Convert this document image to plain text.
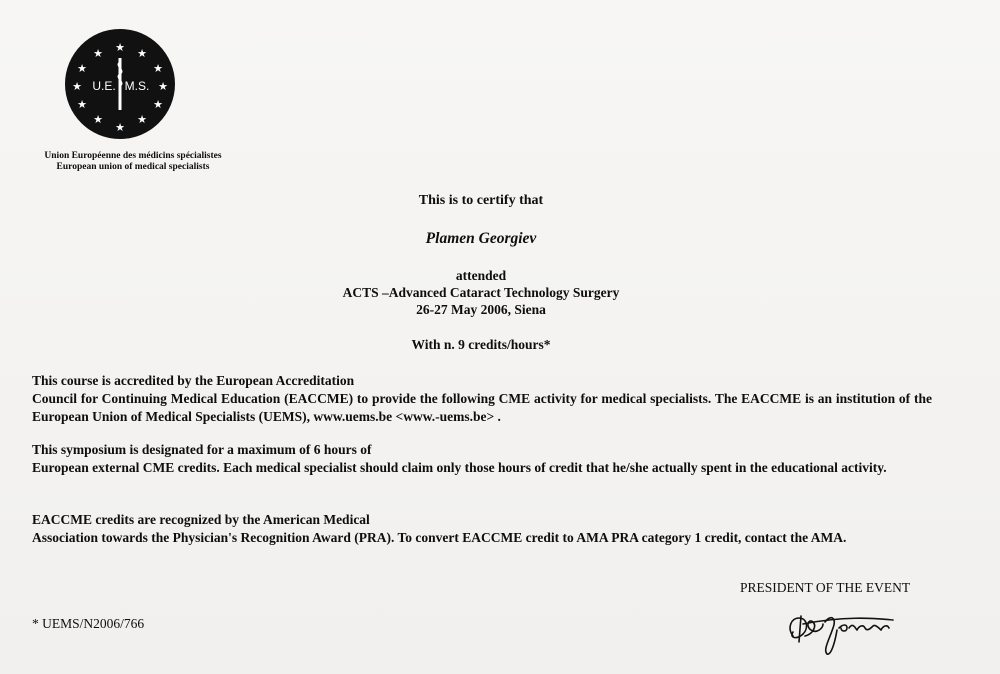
★ ★
★
★
★
★
★
★
★
★
★
★
U.E. M.S.
Union Européenne des médicins spécialistes
European union of medical specialists
This is to certify that
Plamen Georgiev
attended
ACTS –Advanced Cataract Technology Surgery
26-27 May 2006, Siena
With n. 9 credits/hours*
This course is accredited by the European Accreditation
Council for Continuing Medical Education (EACCME) to provide the following CME activity for medical specialists. The EACCME is an institution of the European Union of Medical Specialists (UEMS), www.uems.be <www.-uems.be> .
This symposium is designated for a maximum of 6 hours of
European external CME credits. Each medical specialist should claim only those hours of credit that he/she actually spent in the educational activity.
EACCME credits are recognized by the American Medical
Association towards the Physician's Recognition Award (PRA). To convert EACCME credit to AMA PRA category 1 credit, contact the AMA.
* UEMS/N2006/766
PRESIDENT OF THE EVENT
